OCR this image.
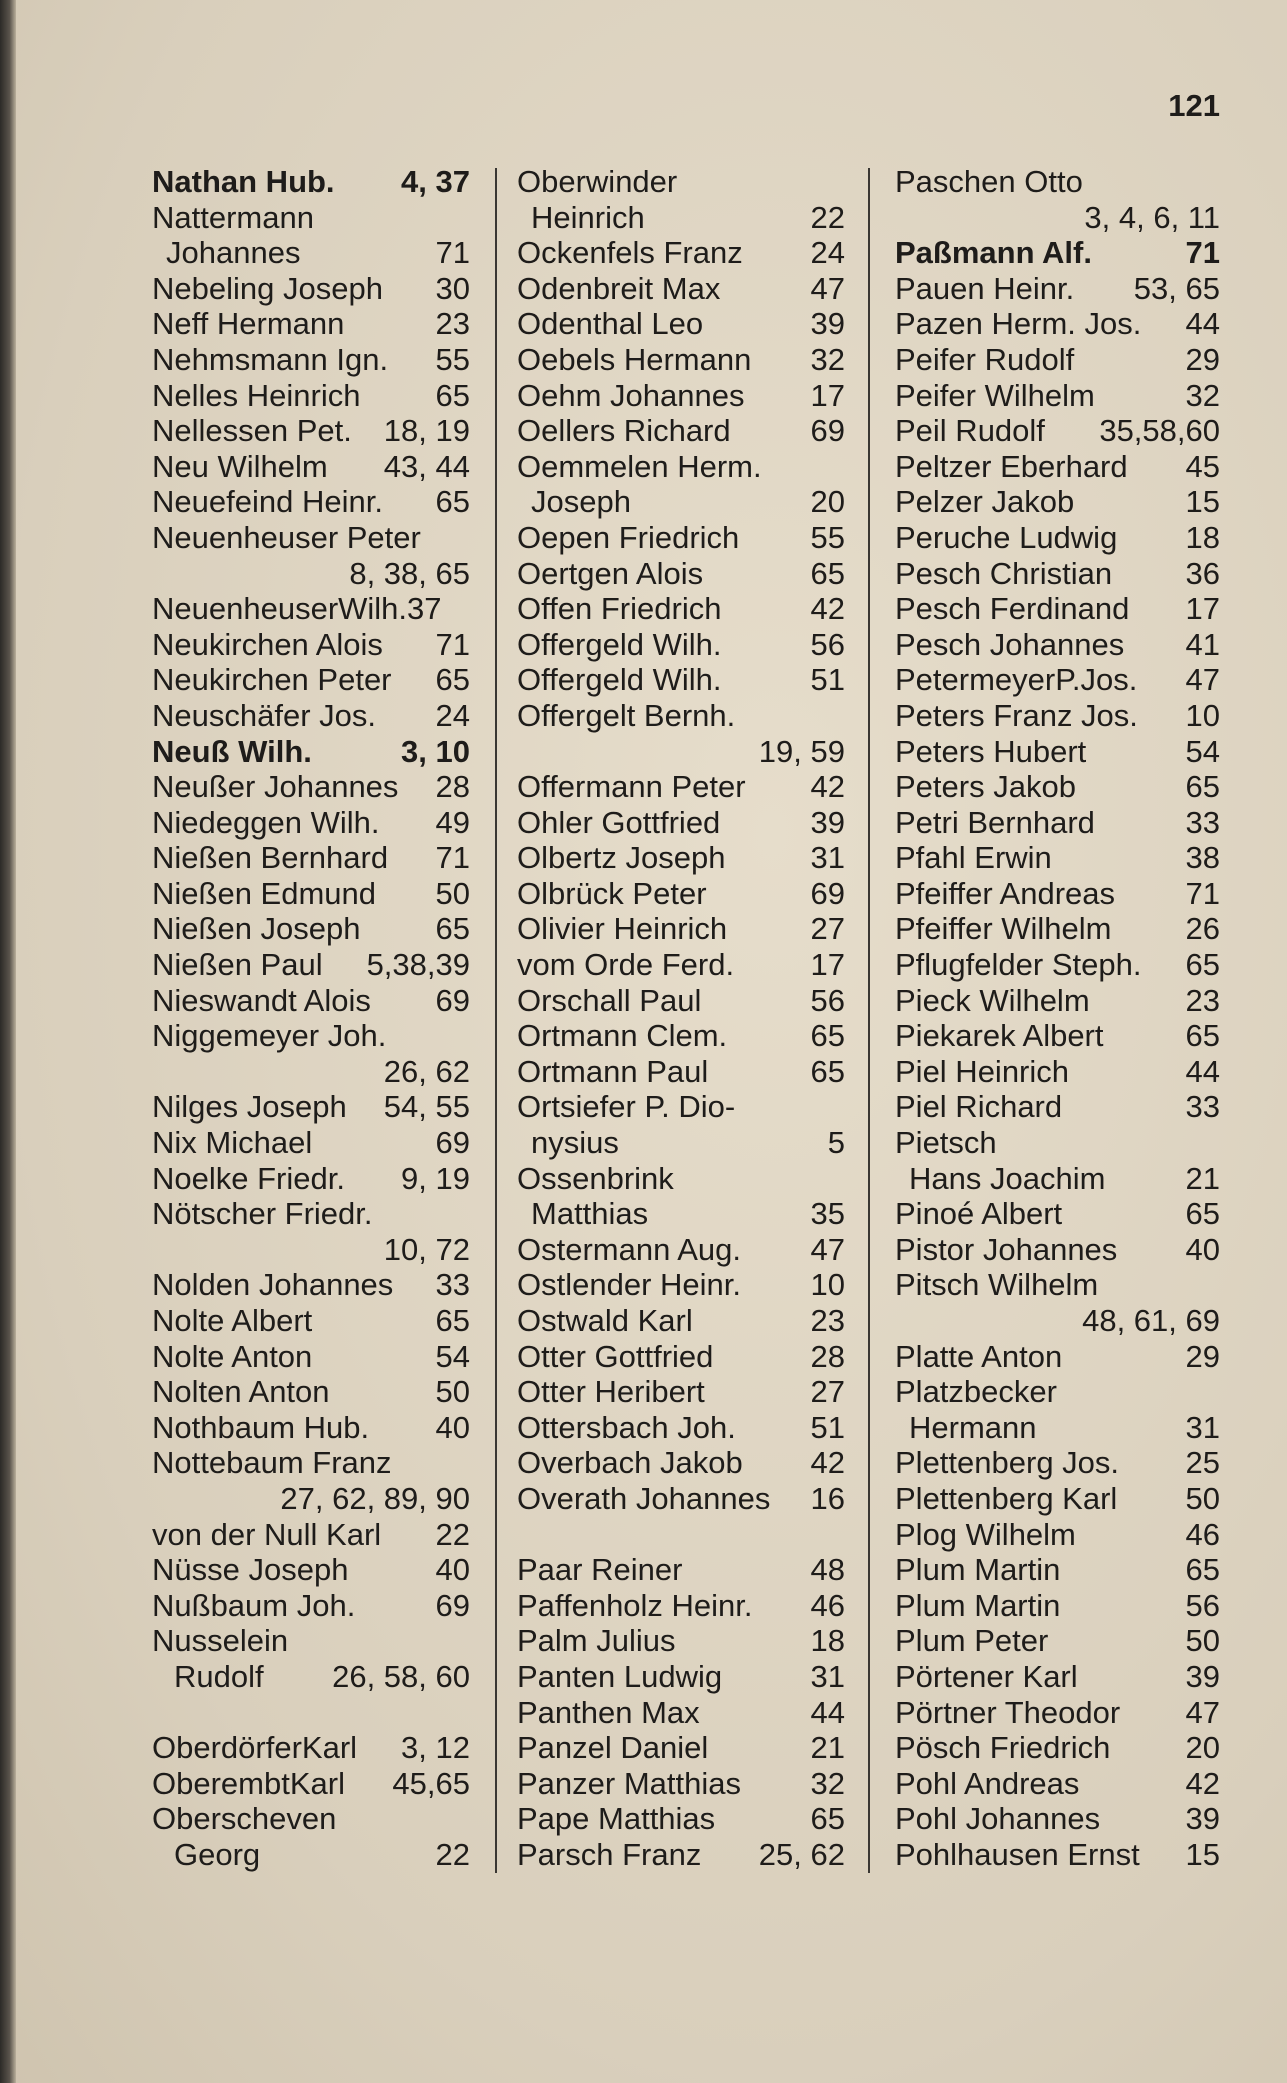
121
Nathan Hub. 4, 37
Nattermann
Johannes	71
Nebeling Joseph 30
Neff Hermann	23
Nehmsmann Ign. 55
Nelles Heinrich 65
Nellessen Pet. 18, 19
Neu Wilhelm 43, 44
Neuefeind Heinr. 65
Neuenheuser Peter
8, 38, 65
NeuenheuserWilh.37
Neukirchen Alois 71
Neukirchen Peter 65
Neuschäfer Jos. 24
Neuß Wilh.	3, 10
Neußer Johannes 28
Niedeggen Wilh. 49
Nießen Bernhard 71
Nießen Edmund 50
Nießen Joseph 65
Nießen Paul 5,38,39
Nieswandt Alois 69
Niggemeyer Joh.
26, 62
Nilges Joseph 54, 55
Nix Michael	69
Noelke Friedr. 9, 19
Nötscher Friedr.
10, 72
Nolden Johannes 33
Nolte Albert	65
Nolte Anton	54
Nolten Anton	50
Nothbaum Hub. 40
Nottebaum Franz
27, 62, 89, 90
von der Null Karl 22
Nüsse Joseph	40
Nußbaum Joh.	69
Nusselein
Rudolf 26, 58, 60
OberdörferKarl 3, 12
OberembtKarl 45,65
Oberscheven
Georg	22
Oberwinder
Heinrich	22
Ockenfels Franz 24
Odenbreit Max	47
Odenthal Leo	39
Oebels Hermann 32
Oehm Johannes 17
Oellers Richard	69
Oemmelen Herm.
Joseph	20
Oepen Friedrich 55
Oertgen Alois	65
Offen Friedrich	42
Offergeld Wilh.	56
Offergeld Wilh.	51
Offergelt Bernh.
19, 59
Offermann Peter 42
Ohler Gottfried	39
Olbertz Joseph	31
Olbrück Peter	69
Olivier Heinrich	27
vom Orde Ferd. 17
Orschall Paul	56
Ortmann Clem.	65
Ortmann Paul	65
Ortsiefer P. Dio-
nysius	5
Ossenbrink
Matthias	35
Ostermann Aug. 47
Ostlender Heinr. 10
Ostwald Karl	23
Otter Gottfried	28
Otter Heribert	27
Ottersbach Joh. 51
Overbach Jakob 42
Overath Johannes 16
Paar Reiner	48
Paffenholz Heinr. 46
Palm Julius	18
Panten Ludwig	31
Panthen Max	44
Panzel Daniel	21
Panzer Matthias 32
Pape Matthias	65
Parsch Franz 25, 62
Paschen Otto
3, 4, 6, 11
Paßmann Alf.	71
Pauen Heinr. 53, 65
Pazen Herm. Jos. 44
Peifer Rudolf	29
Peifer Wilhelm	32
Peil Rudolf 35,58,60
Peltzer Eberhard 45
Pelzer Jakob	15
Peruche Ludwig 18
Pesch Christian 36
Pesch Ferdinand 17
Pesch Johannes 41
PetermeyerP.Jos. 47
Peters Franz Jos. 10
Peters Hubert	54
Peters Jakob	65
Petri Bernhard	33
Pfahl Erwin	38
Pfeiffer Andreas 71
Pfeiffer Wilhelm 26
Pflugfelder Steph. 65
Pieck Wilhelm	23
Piekarek Albert	65
Piel Heinrich	44
Piel Richard	33
Pietsch
Hans Joachim	21
Pinoé Albert	65
Pistor Johannes 40
Pitsch Wilhelm
48, 61, 69
Platte Anton	29
Platzbecker
Hermann	31
Plettenberg Jos. 25
Plettenberg Karl 50
Plog Wilhelm	46
Plum Martin	65
Plum Martin	56
Plum Peter	50
Pörtener Karl	39
Pörtner Theodor 47
Pösch Friedrich 20
Pohl Andreas	42
Pohl Johannes	39
Pohlhausen Ernst 15
